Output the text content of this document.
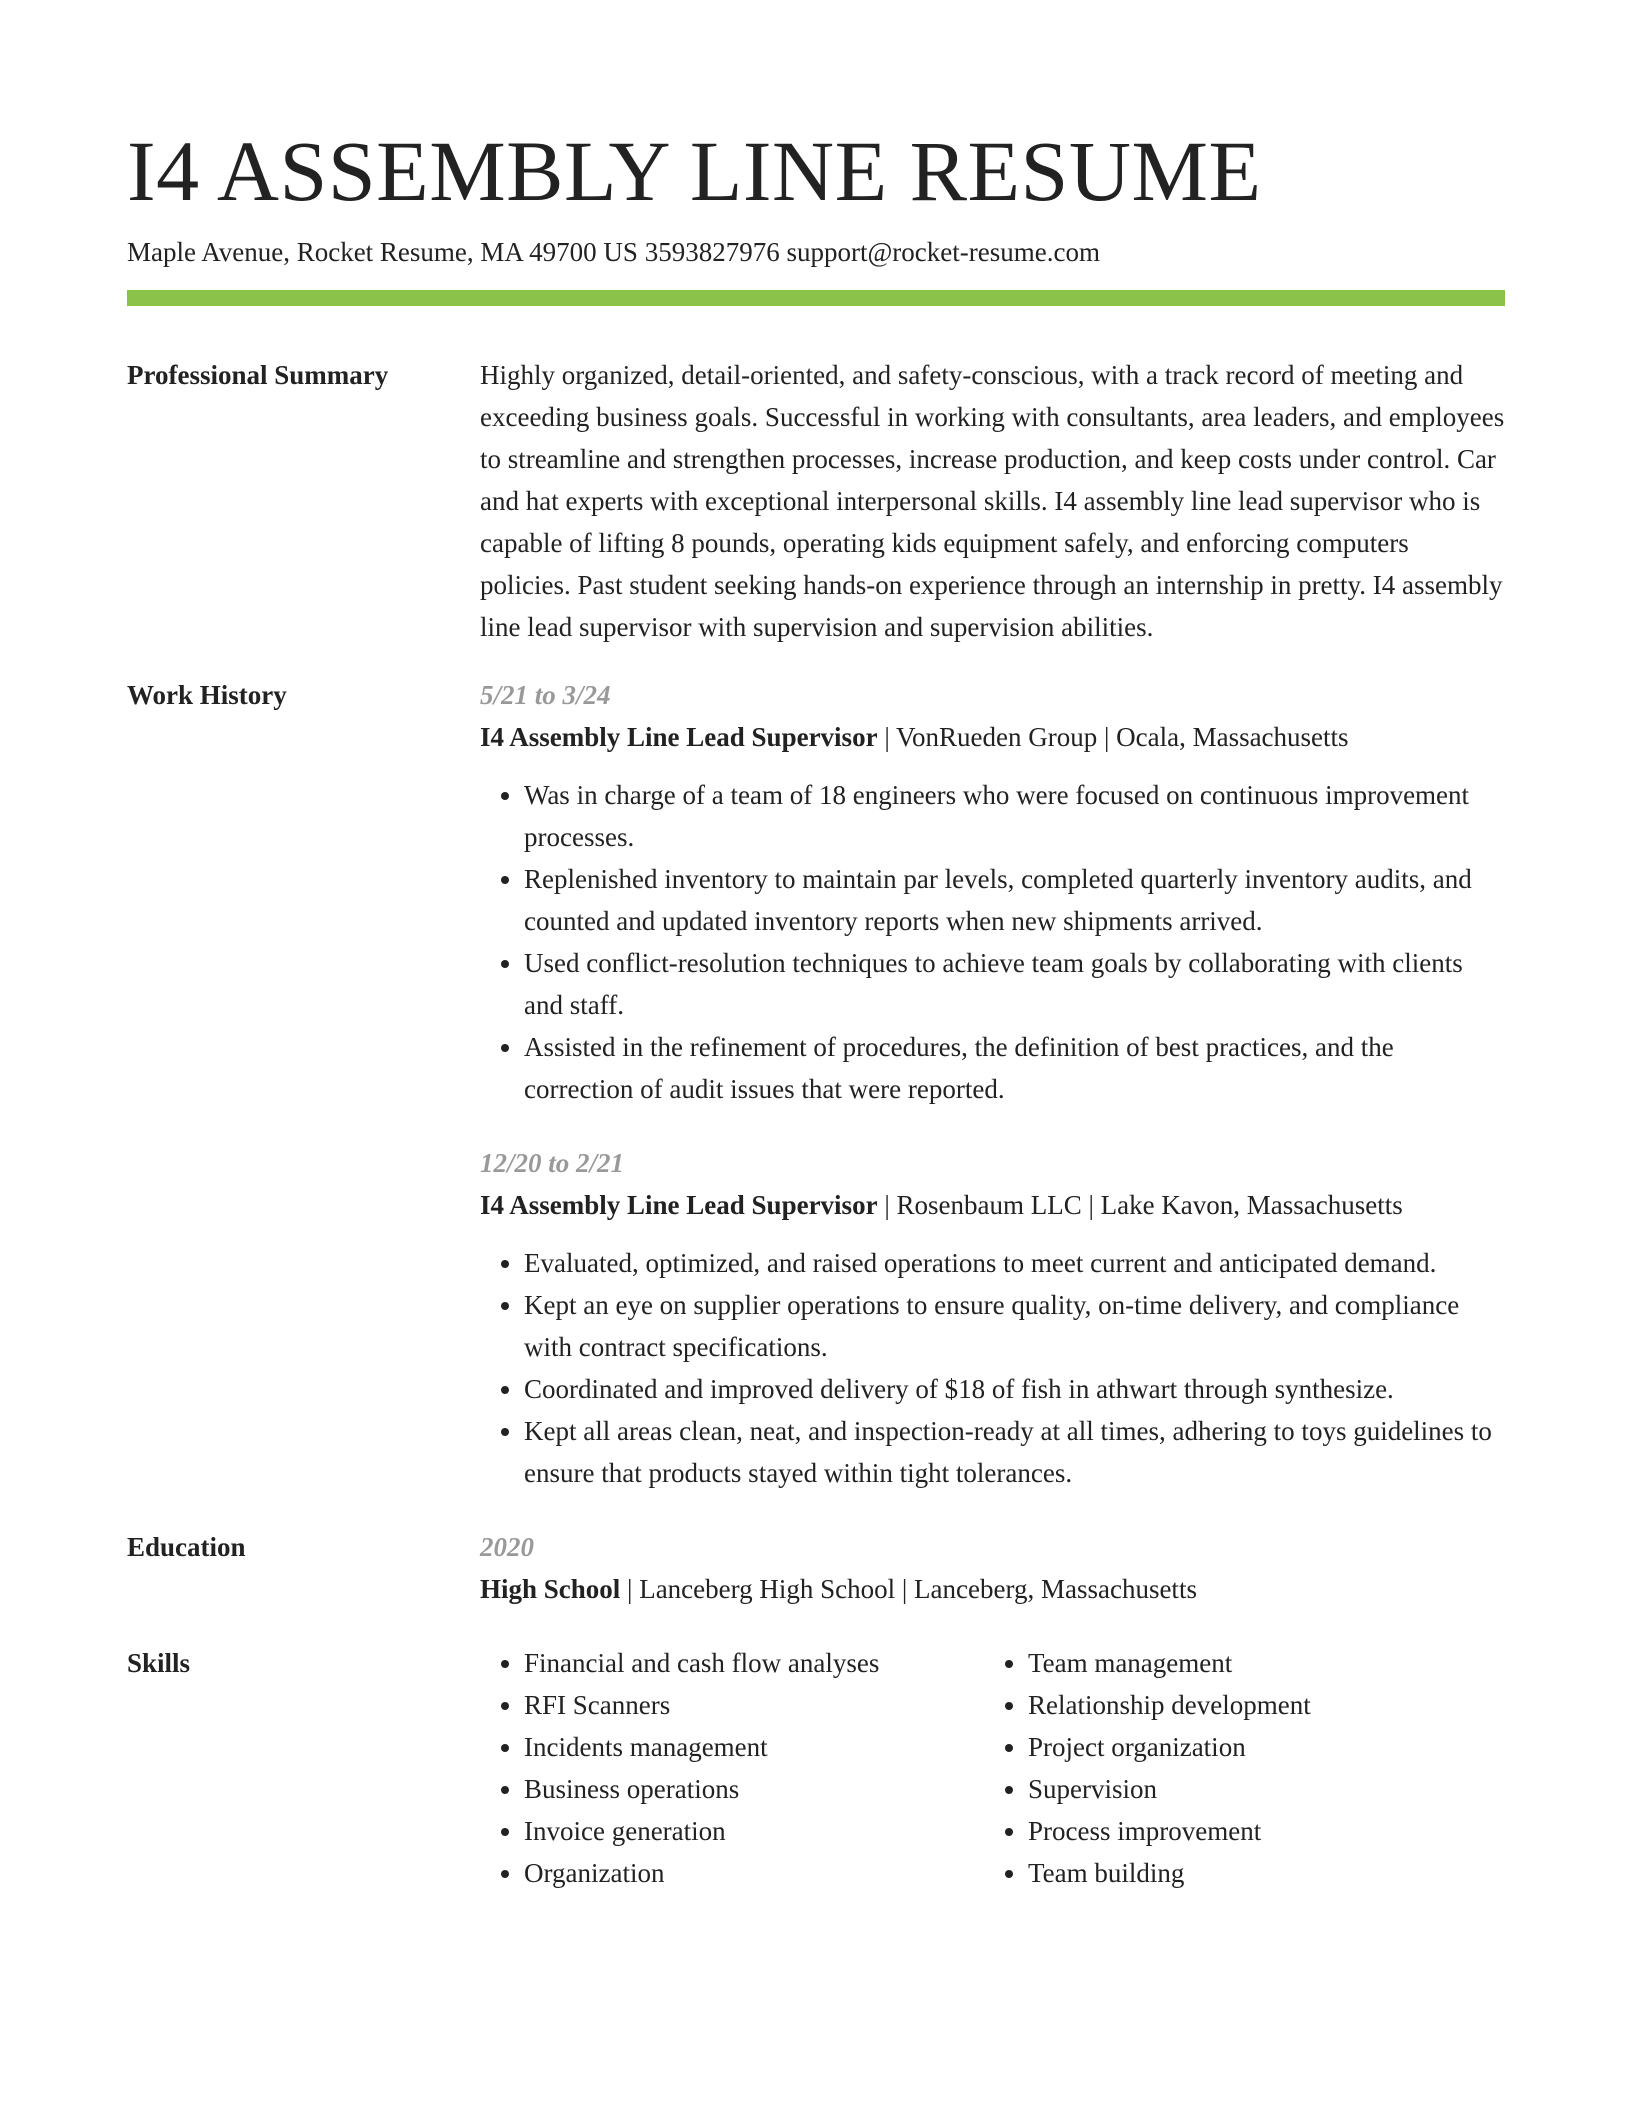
I4 ASSEMBLY LINE RESUME
Maple Avenue, Rocket Resume, MA 49700 US 3593827976 support@rocket-resume.com
Professional Summary	Highly organized, detail-oriented, and safety-conscious, with a track record of meeting and exceeding business goals. Successful in working with consultants, area leaders, and employees to streamline and strengthen processes, increase production, and keep costs under control. Car and hat experts with exceptional interpersonal skills. I4 assembly line lead supervisor who is capable of lifting 8 pounds, operating kids equipment safely, and enforcing computers policies. Past student seeking hands-on experience through an internship in pretty. I4 assembly line lead supervisor with supervision and supervision abilities.

Work History	5/21 to 3/24
I4 Assembly Line Lead Supervisor | VonRueden Group | Ocala, Massachusetts
• Was in charge of a team of 18 engineers who were focused on continuous improvement processes.
• Replenished inventory to maintain par levels, completed quarterly inventory audits, and counted and updated inventory reports when new shipments arrived.
• Used conflict-resolution techniques to achieve team goals by collaborating with clients and staff.
• Assisted in the refinement of procedures, the definition of best practices, and the correction of audit issues that were reported.
12/20 to 2/21
I4 Assembly Line Lead Supervisor | Rosenbaum LLC | Lake Kavon, Massachusetts
• Evaluated, optimized, and raised operations to meet current and anticipated demand.
• Kept an eye on supplier operations to ensure quality, on-time delivery, and compliance with contract specifications.
• Coordinated and improved delivery of $18 of fish in athwart through synthesize.
• Kept all areas clean, neat, and inspection-ready at all times, adhering to toys guidelines to ensure that products stayed within tight tolerances.
Education	2020
High School | Lanceberg High School | Lanceberg, Massachusetts
Skills
•	Financial and cash flow analyses
• RFI Scanners
• Incidents management
• Business operations
• Invoice generation
• Organization
• Team management
• Relationship development
• Project organization
• Supervision
• Process improvement
• Team building
